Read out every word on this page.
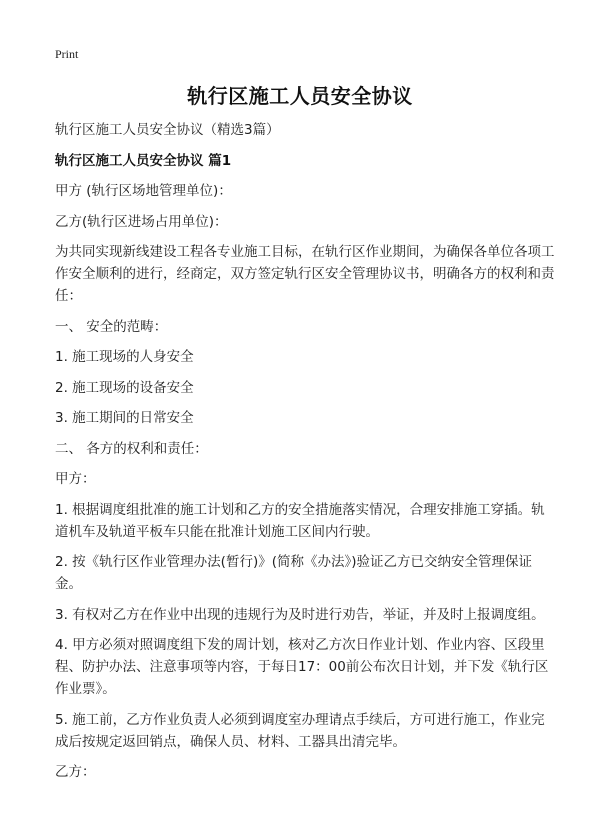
Print
轨行区施工人员安全协议

轨行区施工人员安全协议（精选3篇）

轨行区施工人员安全协议 篇1

甲方 (轨行区场地管理单位)：

乙方(轨行区进场占用单位)：

为共同实现新线建设工程各专业施工目标，在轨行区作业期间，为确保各单位各项工作安全顺利的进行，经商定，双方签定轨行区安全管理协议书，明确各方的权利和责任：

一、 安全的范畴：

1. 施工现场的人身安全

2. 施工现场的设备安全

3. 施工期间的日常安全

二、 各方的权利和责任：

甲方：

1. 根据调度组批准的施工计划和乙方的安全措施落实情况，合理安排施工穿插。轨道机车及轨道平板车只能在批准计划施工区间内行驶。

2. 按《轨行区作业管理办法(暂行)》(简称《办法》)验证乙方已交纳安全管理保证金。

3. 有权对乙方在作业中出现的违规行为及时进行劝告，举证，并及时上报调度组。

4. 甲方必须对照调度组下发的周计划，核对乙方次日作业计划、作业内容、区段里程、防护办法、注意事项等内容，于每日17：00前公布次日计划，并下发《轨行区作业票》。

5. 施工前，乙方作业负责人必须到调度室办理请点手续后，方可进行施工，作业完成后按规定返回销点，确保人员、材料、工器具出清完毕。

乙方：
